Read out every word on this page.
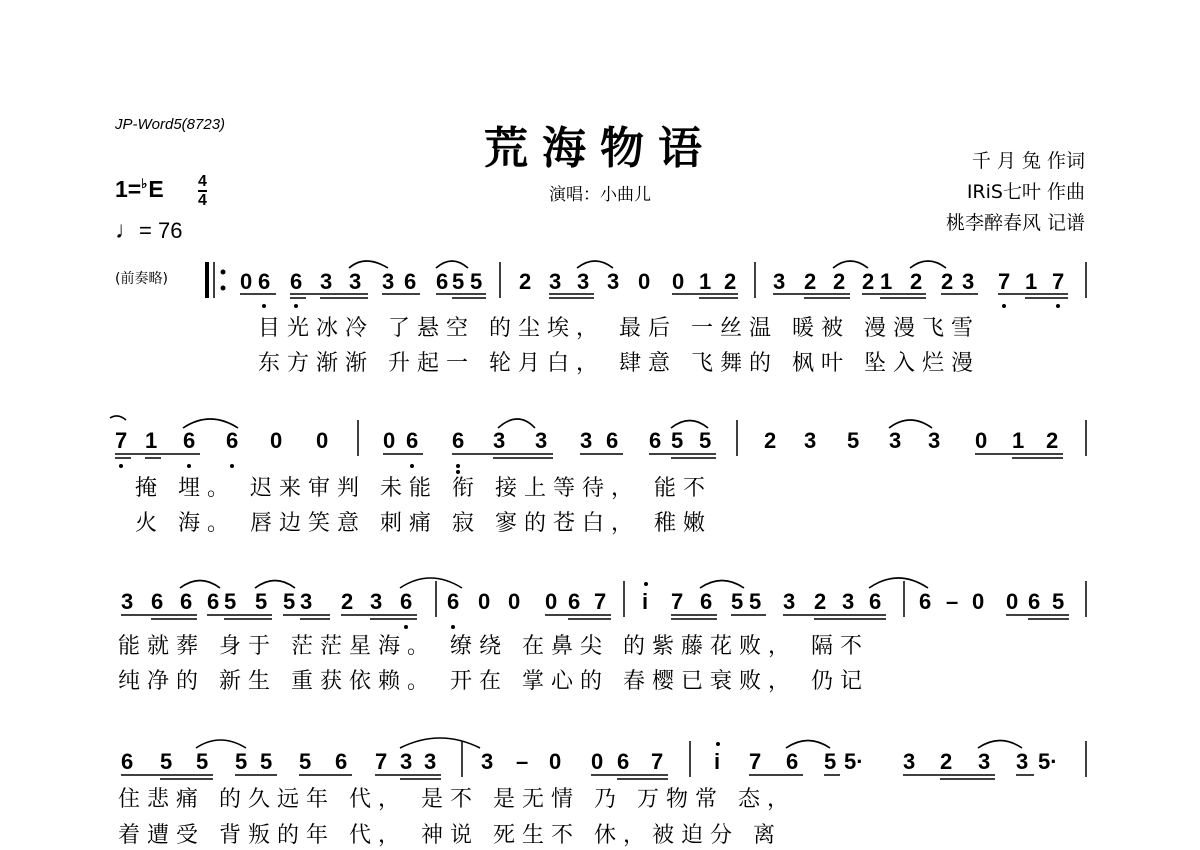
JP-Word5(8723)	荒海物语
演唱：小曲儿
千 月 兔 作词
IRiS七叶 作曲
桃李醉春风 记谱
1=♭E 4
4
♩= 76
(前奏略)	0 6 6 3 3 3 6 6 5 5 2 3 3 3 0 0 1 2 3 2 2 2 1 2 2 3 7 1 7
目光冰冷 了悬空 的尘埃， 最后 一丝温 暖被 漫漫飞雪
东方渐渐 升起一 轮月白， 肆意 飞舞的 枫叶 坠入烂漫
7 1 6 6 0 0 0 6 6 3 3 3 6 6 5 5 2 3 5 3 3 0 1 2
掩 埋。 迟来审判 未能 衔 接上等待， 能不
火 海。 唇边笑意 刺痛 寂 寥的苍白， 稚嫩
3 6 6 6 5 5 5 3 2 3 6 6 0 0 0 6 7 i 7 6 5 5 3 2 3 6 6 – 0 0 6 5
能就葬 身于 茫茫星海。 缭绕 在鼻尖 的紫藤花败， 隔不
纯净的 新生 重获依赖。 开在 掌心的 春樱已衰败， 仍记
6 5 5 5 5 5 6 7 3 3 3 – 0 0 6 7 i 7 6 5 5· 3 2 3 3 5·
住悲痛 的久远年 代， 是不 是无情 乃 万物常 态，
着遭受 背叛的年 代， 神说 死生不 休，被迫分 离
